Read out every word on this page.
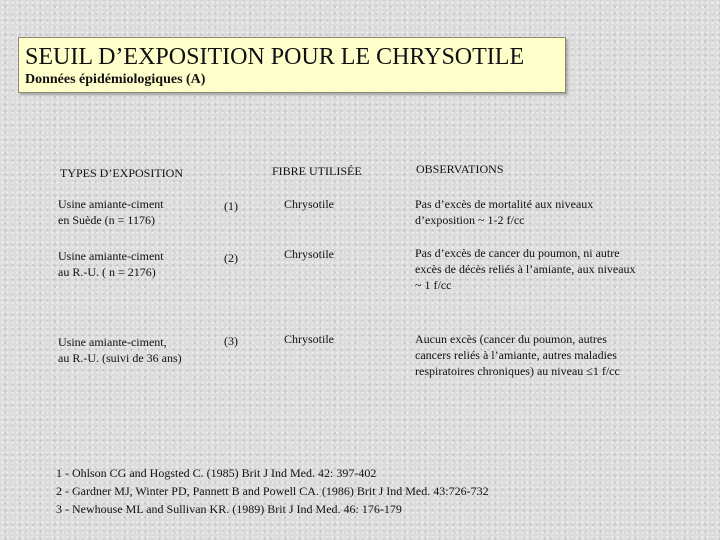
SEUIL D’EXPOSITION POUR LE CHRYSOTILE
Données épidémiologiques (A)
TYPES D’EXPOSITION	FIBRE UTILISÉE	OBSERVATIONS
Usine amiante-ciment
en Suède (n = 1176)
(1)	Chrysotile	Pas d’excès de mortalité aux niveaux
d’exposition ~ 1-2 f/cc
Usine amiante-ciment
au R.-U. ( n = 2176)
(2)	Chrysotile	Pas d’excès de cancer du poumon, ni autre
excès de décès reliés à l’amiante, aux niveaux
~ 1 f/cc
Usine amiante-ciment,
au R.-U. (suivi de 36 ans)
(3)	Chrysotile	Aucun excès (cancer du poumon, autres
cancers reliés à l’amiante, autres maladies
respiratoires chroniques) au niveau ≤1 f/cc
1 - Ohlson CG and Hogsted C. (1985) Brit J Ind Med. 42: 397-402
2 - Gardner MJ, Winter PD, Pannett B and Powell CA. (1986) Brit J Ind Med. 43:726-732
3 - Newhouse ML and Sullivan KR. (1989) Brit J Ind Med. 46: 176-179
